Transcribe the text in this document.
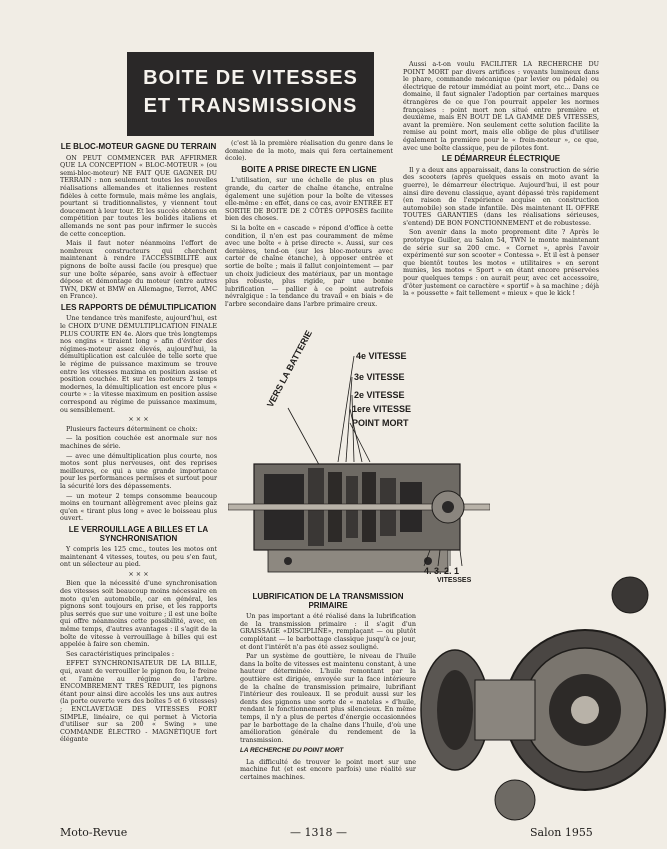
BOITE DE VITESSES
ET TRANSMISSIONS
LE BLOC-MOTEUR GAGNE DU TERRAIN

ON PEUT COMMENCER PAR AFFIRMER QUE LA CONCEPTION « BLOC-MOTEUR » (ou semi-bloc-moteur) NE FAIT QUE GAGNER DU TERRAIN : non seulement toutes les nouvelles réalisations allemandes et italiennes restent fidèles à cette formule, mais même les anglais, pourtant si traditionnalistes, y viennent tout doucement à leur tour. Et les succès obtenus en compétition par toutes les bolides italiens et allemands ne sont pas pour infirmer le succès de cette conception.

Mais il faut noter néanmoins l'effort de nombreux constructeurs qui cherchent maintenant à rendre l'ACCESSIBILITÉ aux pignons de boîte aussi facile (ou presque) que sur une boîte séparée, sans avoir à effectuer dépose et démontage du moteur (entre autres TWN, DKW et BMW en Allemagne, Terrot, AMC en France).

LES RAPPORTS DE DÉMULTIPLICATION

Une tendance très manifeste, aujourd'hui, est le CHOIX D'UNE DÉMULTIPLICATION FINALE PLUS COURTE EN 4e. Alors que très longtemps nos engins « tiraient long » afin d'éviter des régimes-moteur assez élevés, aujourd'hui, la démultiplication est calculée de telle sorte que le régime de puissance maximum se trouve entre les vitesses maxima en position assise et position couchée. Et sur les moteurs 2 temps modernes, la démultiplication est encore plus « courte » : la vitesse maximum en position assise correspond au régime de puissance maximum, ou sensiblement.

× × ×

Plusieurs facteurs déterminent ce choix:

— la position couchée est anormale sur nos machines de série.

— avec une démultiplication plus courte, nos motos sont plus nerveuses, ont des reprises meilleures, ce qui a une grande importance pour les performances permises et surtout pour la sécurité lors des dépassements.

— un moteur 2 temps consomme beaucoup moins en tournant allègrement avec pleins gaz qu'en « tirant plus long » avec le boisseau plus ouvert.

LE VERROUILLAGE A BILLES ET LA SYNCHRONISATION

Y compris les 125 cmc., toutes les motos ont maintenant 4 vitesses, toutes, ou peu s'en faut, ont un sélecteur au pied.

× × ×

Bien que la nécessité d'une synchronisation des vitesses soit beaucoup moins nécessaire en moto qu'en automobile, car en général, les pignons sont toujours en prise, et les rapports plus serrés que sur une voiture ; il est une boîte qui offre néanmoins cette possibilité, avec, en même temps, d'autres avantages : il s'agit de la boîte de vitesse à verrouillage à billes qui est appelée à faire son chemin.

Ses caractéristiques principales :

EFFET SYNCHRONISATEUR DE LA BILLE, qui, avant de verrouiller le pignon fou, le freine et l'amène au régime de l'arbre. ENCOMBREMENT TRÈS RÉDUIT, les pignons étant pour ainsi dire accolés les uns aux autres (la porte ouverte vers des boîtes 5 et 6 vitesses) ; ENCLAVETAGE DES VITESSES FORT SIMPLE, linéaire, ce qui permet à Victoria d'utiliser sur sa 200 « Swing » une COMMANDE ÉLECTRO - MAGNÉTIQUE fort élégante

(c'est là la première réalisation du genre dans le domaine de la moto, mais qui fera certainement école).

BOITE A PRISE DIRECTE EN LIGNE

L'utilisation, sur une échelle de plus en plus grande, du carter de chaîne étanche, entraîne également une sujétion pour la boîte de vitesses elle-même : en effet, dans ce cas, avoir ENTRÉE ET SORTIE DE BOITE DE 2 CÔTÉS OPPOSÉS facilite bien des choses.

Si la boîte en « cascade » répond d'office à cette condition, il n'en est pas couramment de même avec une boîte « à prise directe ». Aussi, sur ces dernières, tend-on (sur les bloc-moteurs avec carter de chaîne étanche), à opposer entrée et sortie de boîte ; mais il fallut conjointement — par un choix judicieux des matériaux, par un montage plus robuste, plus rigide, par une bonne lubrification — pallier à ce point autrefois névralgique : la tendance du travail « en biais » de l'arbre secondaire dans l'arbre primaire creux.

Aussi a-t-on voulu FACILITER LA RECHERCHE DU POINT MORT par divers artifices : voyants lumineux dans le phare, commande mécanique (par levier ou pédale) ou électrique de retour immédiat au point mort, etc... Dans ce domaine, il faut signaler l'adoption par certaines marques étrangères de ce que l'on pourrait appeler les normes françaises : point mort non situé entre première et deuxième, mais EN BOUT DE LA GAMME DES VITESSES, avant la première. Non seulement cette solution facilite la remise au point mort, mais elle oblige de plus d'utiliser également la première pour le « frein-moteur », ce que, avec une boîte classique, peu de pilotes font.

LE DÉMARREUR ÉLECTRIQUE

Il y a deux ans apparaissait, dans la construction de série des scooters (après quelques essais en moto avant la guerre), le démarreur électrique. Aujourd'hui, il est pour ainsi dire devenu classique, ayant dépassé très rapidement (en raison de l'expérience acquise en construction automobile) son stade infantile. Dès maintenant IL OFFRE TOUTES GARANTIES (dans les réalisations sérieuses, s'entend) DE BON FONCTIONNEMENT et de robustesse.

Son avenir dans la moto proprement dite ? Après le prototype Guiller, au Salon 54, TWN le monte maintenant de série sur sa 200 cmc. « Cornet », après l'avoir expérimenté sur son scooter « Contessa ». Et il est à penser que bientôt toutes les motos « utilitaires » en seront munies, les motos « Sport » en étant encore préservées pour quelques temps : on aurait peur, avec cet accessoire, d'ôter justement ce caractère « sportif » à sa machine ; déjà la « poussette » fait tellement « mieux » que le kick !

VERS LA BATTERIE	4e VITESSE
3e VITESSE
2e VITESSE
1ere VITESSE
POINT MORT
4. 3. 2. 1
VITESSES
LUBRIFICATION DE LA TRANSMISSION PRIMAIRE

Un pas important a été réalisé dans la lubrification de la transmission primaire : il s'agit d'un GRAISSAGE «DISCIPLINE», remplaçant — ou plutôt complétant — le barbottage classique jusqu'à ce jour, et dont l'intérêt n'a pas été assez souligné.

Par un système de gouttière, le niveau de l'huile dans la boîte de vitesses est maintenu constant, à une hauteur déterminée. L'huile remontant par la gouttière est dirigée, envoyée sur la face intérieure de la chaîne de transmission primaire, lubrifiant l'intérieur des rouleaux. Il se produit aussi sur les dents des pignons une sorte de « matelas » d'huile, rendant le fonctionnement plus silencieux. En même temps, il n'y a plus de pertes d'énergie occasionnées par le barbottage de la chaîne dans l'huile, d'où une amélioration générale du rendement de la transmission.

LA RECHERCHE DU POINT MORT

La difficulté de trouver le point mort sur une machine fut (et est encore parfois) une réalité sur certaines machines.

Moto-Revue	— 1318 —	Salon 1955
